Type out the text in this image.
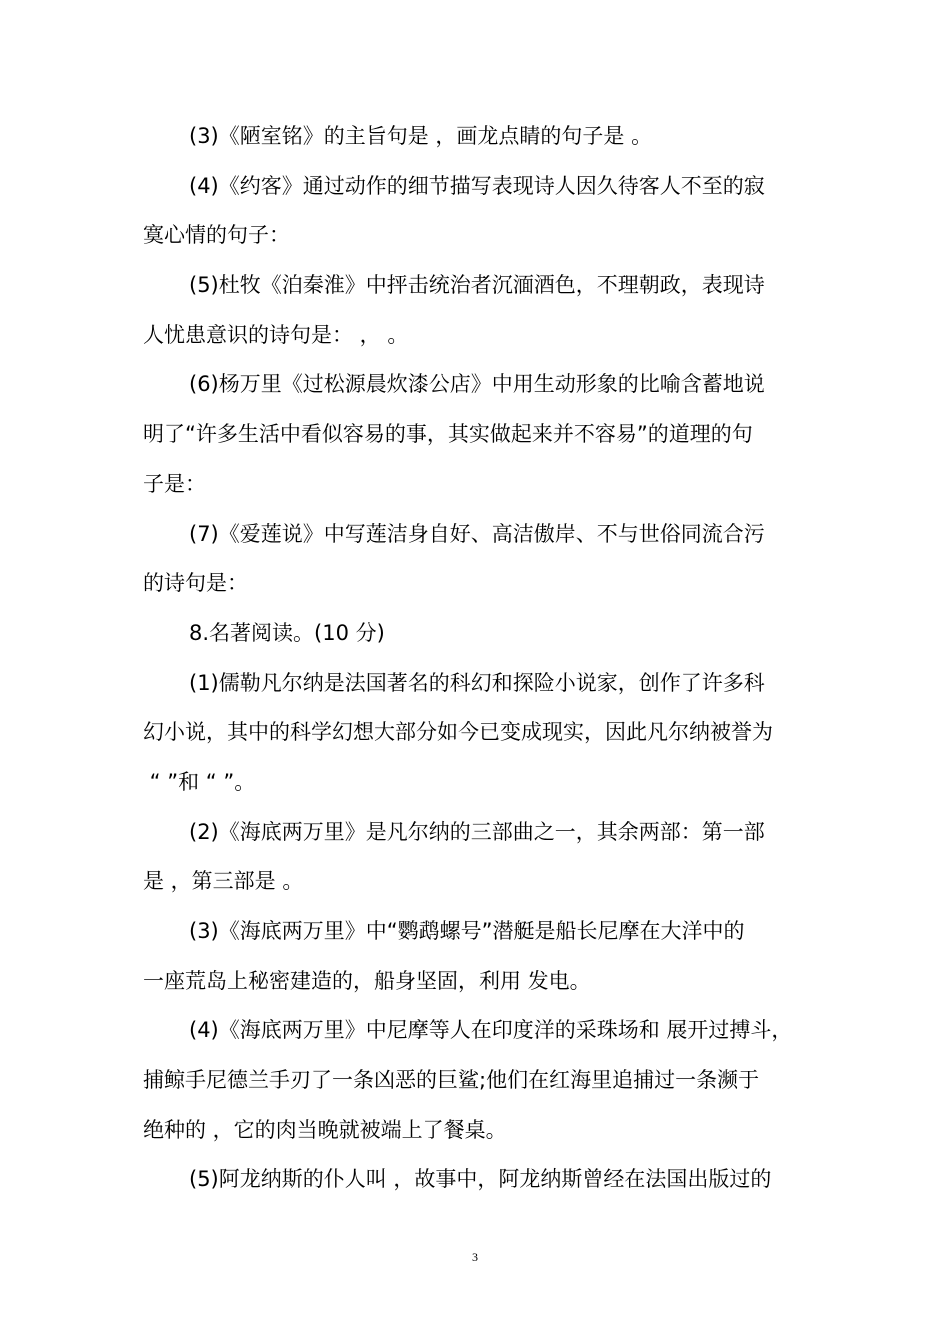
(3)《陋室铭》的主旨句是 ，画龙点睛的句子是 。
(4)《约客》通过动作的细节描写表现诗人因久待客人不至的寂
寞心情的句子：
(5)杜牧《泊秦淮》中抨击统治者沉湎酒色，不理朝政，表现诗
人忧患意识的诗句是： ， 。
(6)杨万里《过松源晨炊漆公店》中用生动形象的比喻含蓄地说
明了“许多生活中看似容易的事，其实做起来并不容易”的道理的句
子是：
(7)《爱莲说》中写莲洁身自好、高洁傲岸、不与世俗同流合污
的诗句是：
8.名著阅读。(10 分)
(1)儒勒凡尔纳是法国著名的科幻和探险小说家，创作了许多科
幻小说，其中的科学幻想大部分如今已变成现实，因此凡尔纳被誉为
“ ”和 “ ”。
(2)《海底两万里》是凡尔纳的三部曲之一，其余两部：第一部
是 ，第三部是 。
(3)《海底两万里》中“鹦鹉螺号”潜艇是船长尼摩在大洋中的
一座荒岛上秘密建造的，船身坚固，利用 发电。
(4)《海底两万里》中尼摩等人在印度洋的采珠场和 展开过搏斗，
捕鲸手尼德兰手刃了一条凶恶的巨鲨;他们在红海里追捕过一条濒于
绝种的 ，它的肉当晚就被端上了餐桌。
(5)阿龙纳斯的仆人叫 ，故事中，阿龙纳斯曾经在法国出版过的
3
